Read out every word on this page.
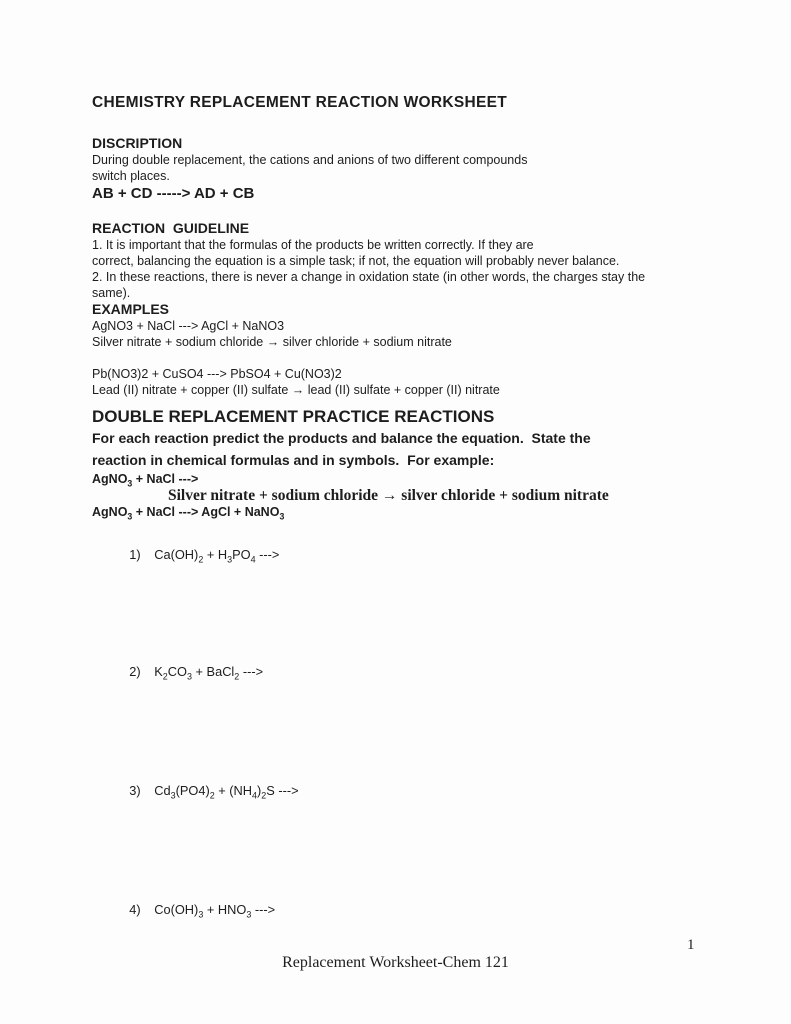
CHEMISTRY REPLACEMENT REACTION WORKSHEET
DISCRIPTION
During double replacement, the cations and anions of two different compounds
switch places.
AB + CD -----> AD + CB
REACTION  GUIDELINE
1. It is important that the formulas of the products be written correctly. If they are
correct, balancing the equation is a simple task; if not, the equation will probably never balance.
2. In these reactions, there is never a change in oxidation state (in other words, the charges stay the
same).
EXAMPLES
AgNO3 + NaCl ---> AgCl + NaNO3
Silver nitrate + sodium chloride → silver chloride + sodium nitrate
Pb(NO3)2 + CuSO4 ---> PbSO4 + Cu(NO3)2
Lead (II) nitrate + copper (II) sulfate → lead (II) sulfate + copper (II) nitrate
DOUBLE REPLACEMENT PRACTICE REACTIONS
For each reaction predict the products and balance the equation.  State the
reaction in chemical formulas and in symbols.  For example:
AgNO$_3$ + NaCl --->
Silver nitrate + sodium chloride → silver chloride + sodium nitrate
AgNO$_3$ + NaCl ---> AgCl + NaNO$_3$

1) $Ca(OH)_2 + H_3PO_4$ --->

2) $K_2CO_3$ + BaCl$_2$ --->

3) $Cd_3(PO4)_2 + (NH_4)_2S$ --->

4) $Co(OH)_3 + HNO_3$ --->

1
Replacement Worksheet-Chem 121
